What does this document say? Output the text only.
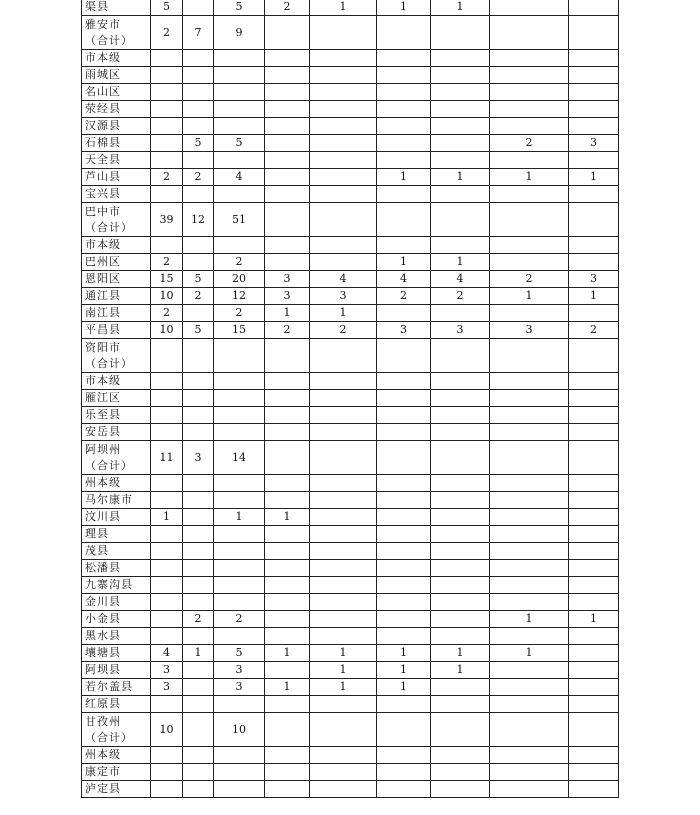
渠县	5		5	2	1	1	1		

雅安市
（合计）	2	7	9						

市本级									

雨城区									

名山区									

荥经县									

汉源县									

石棉县		5	5					2	3

天全县									

芦山县	2	2	4			1	1	1	1

宝兴县									

巴中市
（合计）	39	12	51						

市本级									

巴州区	2		2			1	1		

恩阳区	15	5	20	3	4	4	4	2	3

通江县	10	2	12	3	3	2	2	1	1

南江县	2		2	1	1				

平昌县	10	5	15	2	2	3	3	3	2

资阳市
（合计）									

市本级									

雁江区									

乐至县									

安岳县									

阿坝州
（合计）	11	3	14						

州本级									

马尔康市									

汶川县	1		1	1					

理县									

茂县									

松潘县									

九寨沟县									

金川县									

小金县		2	2					1	1

黑水县									

壤塘县	4	1	5	1	1	1	1	1	

阿坝县	3		3		1	1	1		

若尔盖县	3		3	1	1	1			

红原县									

甘孜州
（合计）	10		10						

州本级									

康定市									

泸定县									
